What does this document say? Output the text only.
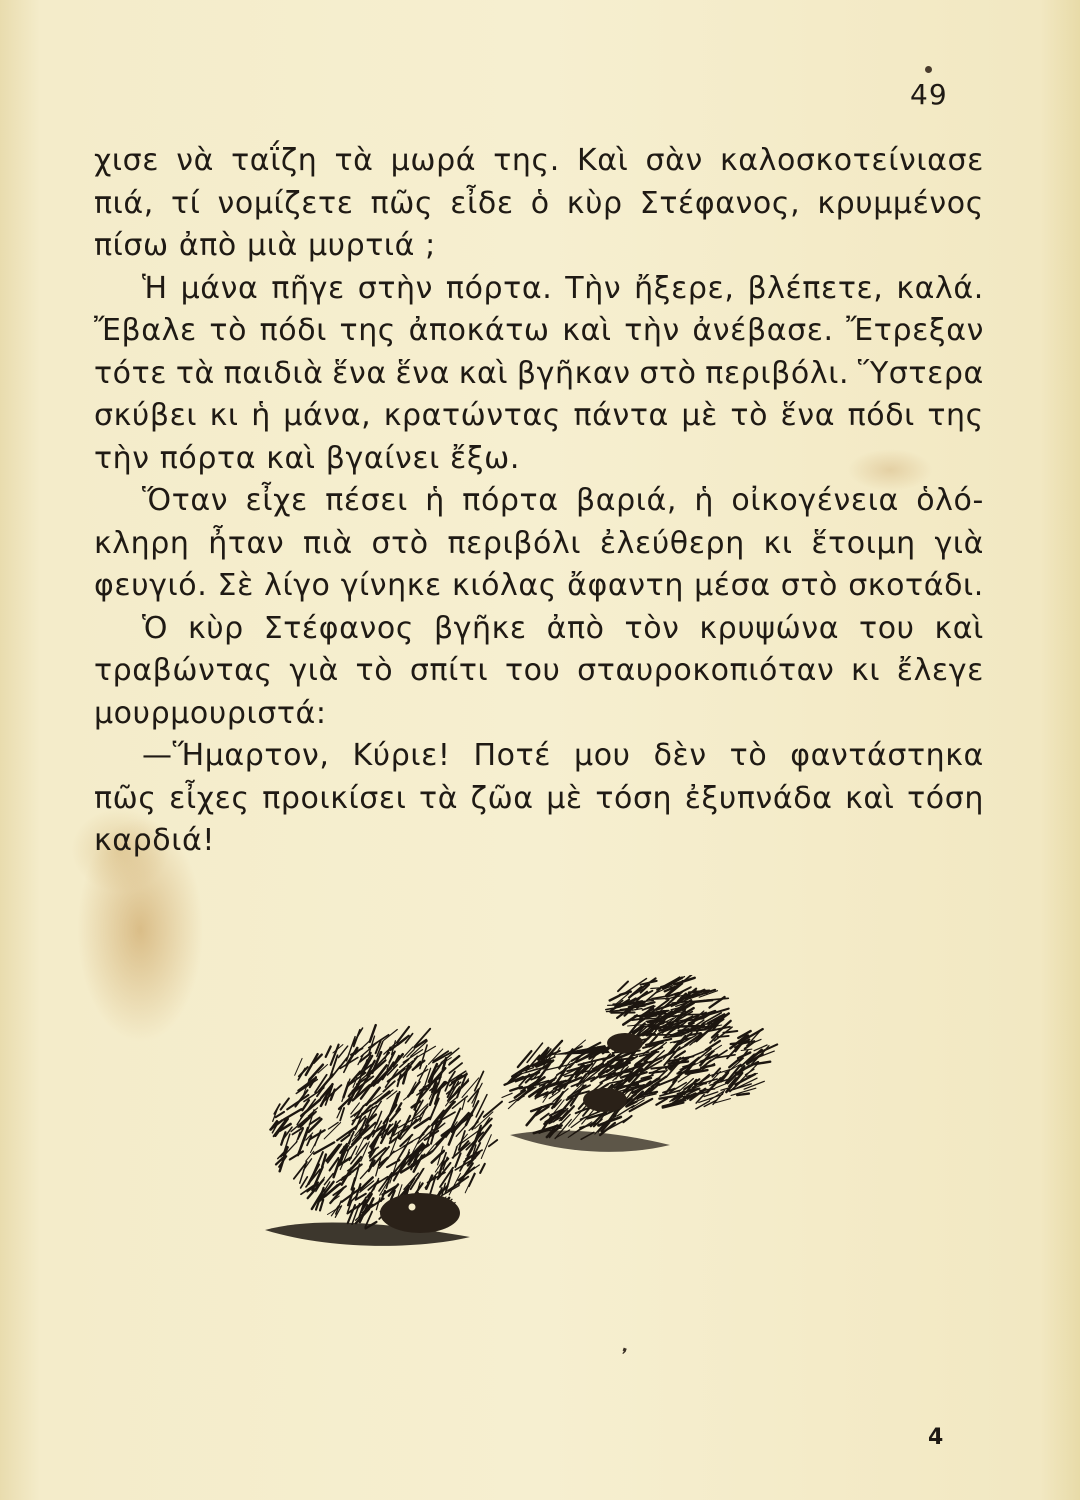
49
χισε νὰ ταΐζη τὰ μωρά της. Καὶ σὰν καλοσκοτείνιασε
πιά, τί νομίζετε πῶς εἶδε ὁ κὺρ Στέφανος, κρυμμένος
πίσω ἀπὸ μιὰ μυρτιά ;
Ἡ μάνα πῆγε στὴν πόρτα. Τὴν ἤξερε, βλέπετε, καλά.
Ἔβαλε τὸ πόδι της ἀποκάτω καὶ τὴν ἀνέβασε. Ἔτρεξαν
τότε τὰ παιδιὰ ἕνα ἕνα καὶ βγῆκαν στὸ περιβόλι. Ὕστερα
σκύβει κι ἡ μάνα, κρατώντας πάντα μὲ τὸ ἕνα πόδι της
τὴν πόρτα καὶ βγαίνει ἔξω.
Ὅταν εἶχε πέσει ἡ πόρτα βαριά, ἡ οἰκογένεια ὁλό-
κληρη ἦταν πιὰ στὸ περιβόλι ἐλεύθερη κι ἕτοιμη γιὰ
φευγιό. Σὲ λίγο γίνηκε κιόλας ἄφαντη μέσα στὸ σκοτάδι.
Ὁ κὺρ Στέφανος βγῆκε ἀπὸ τὸν κρυψώνα του καὶ
τραβώντας γιὰ τὸ σπίτι του σταυροκοπιόταν κι ἔλεγε
μουρμουριστά:
—Ἥμαρτον, Κύριε! Ποτέ μου δὲν τὸ φαντάστηκα
πῶς εἶχες προικίσει τὰ ζῶα μὲ τόση ἐξυπνάδα καὶ τόση
καρδιά!
❜
4
